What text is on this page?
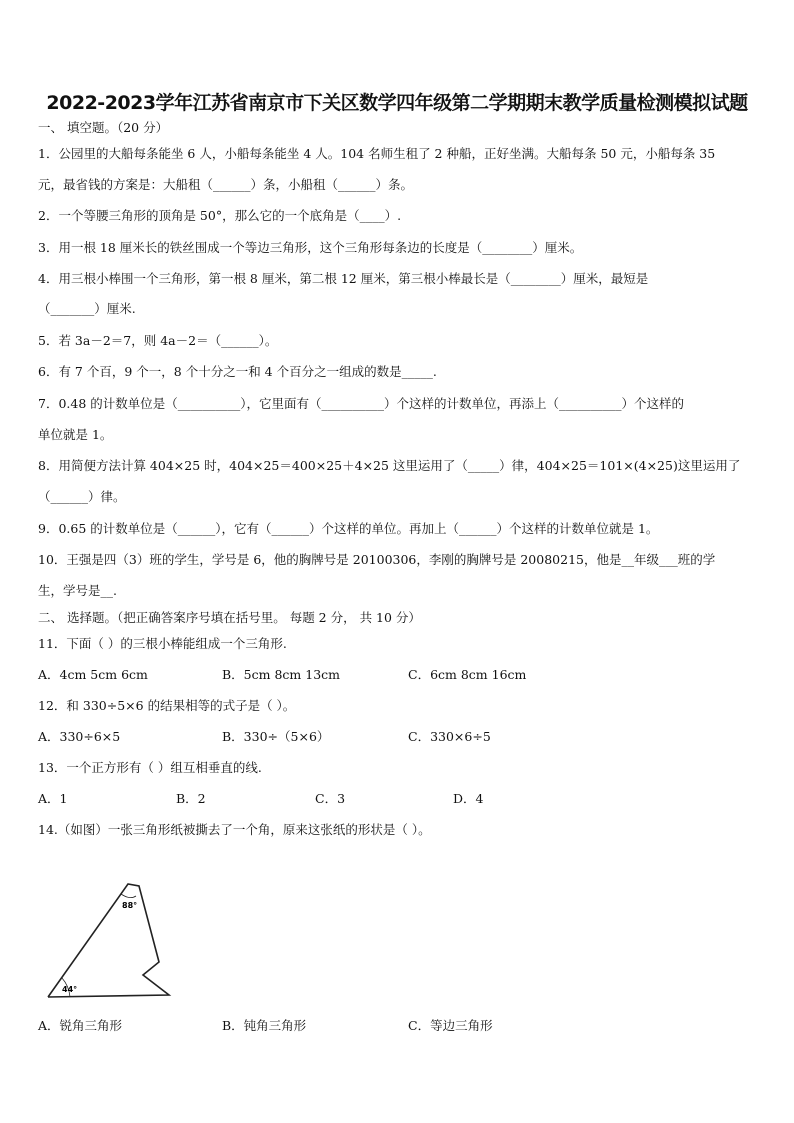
2022-2023学年江苏省南京市下关区数学四年级第二学期期末教学质量检测模拟试题
一、 填空题。（20 分）
1．公园里的大船每条能坐 6 人，小船每条能坐 4 人。104 名师生租了 2 种船，正好坐满。大船每条 50 元，小船每条 35
元，最省钱的方案是：大船租（______）条，小船租（______）条。
2．一个等腰三角形的顶角是 50°，那么它的一个底角是（____）.
3．用一根 18 厘米长的铁丝围成一个等边三角形，这个三角形每条边的长度是（________）厘米。
4．用三根小棒围一个三角形，第一根 8 厘米，第二根 12 厘米，第三根小棒最长是（________）厘米，最短是
（_______）厘米.
5．若 3a－2＝7，则 4a－2＝（______）。
6．有 7 个百，9 个一，8 个十分之一和 4 个百分之一组成的数是_____.
7．0.48 的计数单位是（__________），它里面有（__________）个这样的计数单位，再添上（__________）个这样的
单位就是 1。
8．用简便方法计算 404×25 时，404×25＝400×25＋4×25 这里运用了（_____）律，404×25＝101×(4×25)这里运用了
（______）律。
9．0.65 的计数单位是（______），它有（______）个这样的单位。再加上（______）个这样的计数单位就是 1。
10．王强是四（3）班的学生，学号是 6，他的胸牌号是 20100306，李刚的胸牌号是 20080215，他是__年级___班的学
生，学号是__.
二、 选择题。（把正确答案序号填在括号里。 每题 2 分， 共 10 分）
11．下面（ ）的三根小棒能组成一个三角形.
A．4cm 5cm 6cm	B．5cm 8cm 13cm	C．6cm 8cm 16cm
12．和 330÷5×6 的结果相等的式子是（ ）。
A．330÷6×5	B．330÷（5×6）	C．330×6÷5
13．一个正方形有（ ）组互相垂直的线.
A．1	B．2	C．3	D．4
14.（如图）一张三角形纸被撕去了一个角，原来这张纸的形状是（ ）。
88°
44°
A．锐角三角形	B．钝角三角形	C．等边三角形
